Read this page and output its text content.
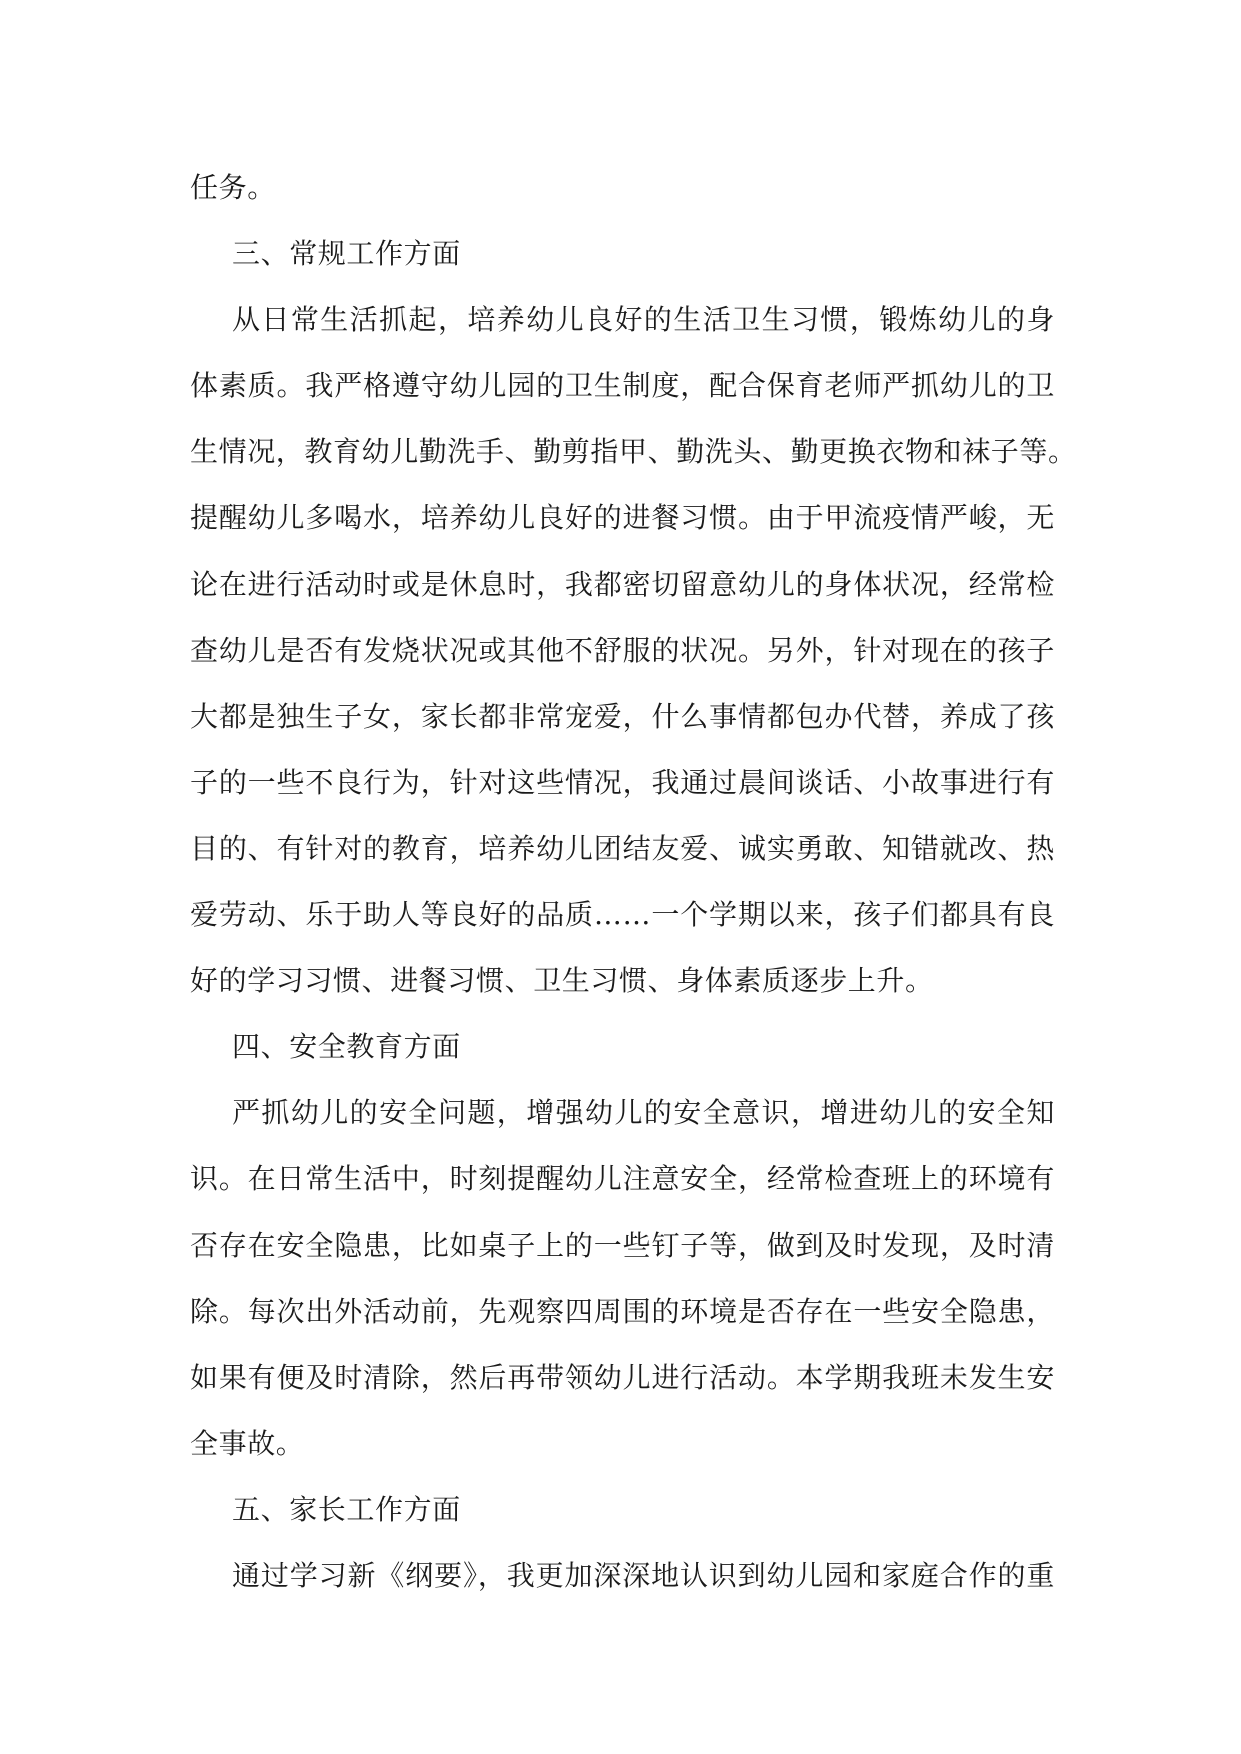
任务。
三、常规工作方面
从日常生活抓起，培养幼儿良好的生活卫生习惯，锻炼幼儿的身
体素质。我严格遵守幼儿园的卫生制度，配合保育老师严抓幼儿的卫
生情况，教育幼儿勤洗手、勤剪指甲、勤洗头、勤更换衣物和袜子等。
提醒幼儿多喝水，培养幼儿良好的进餐习惯。由于甲流疫情严峻，无
论在进行活动时或是休息时，我都密切留意幼儿的身体状况，经常检
查幼儿是否有发烧状况或其他不舒服的状况。另外，针对现在的孩子
大都是独生子女，家长都非常宠爱，什么事情都包办代替，养成了孩
子的一些不良行为，针对这些情况，我通过晨间谈话、小故事进行有
目的、有针对的教育，培养幼儿团结友爱、诚实勇敢、知错就改、热
爱劳动、乐于助人等良好的品质……一个学期以来，孩子们都具有良
好的学习习惯、进餐习惯、卫生习惯、身体素质逐步上升。
四、安全教育方面
严抓幼儿的安全问题，增强幼儿的安全意识，增进幼儿的安全知
识。在日常生活中，时刻提醒幼儿注意安全，经常检查班上的环境有
否存在安全隐患，比如桌子上的一些钉子等，做到及时发现，及时清
除。每次出外活动前，先观察四周围的环境是否存在一些安全隐患，
如果有便及时清除，然后再带领幼儿进行活动。本学期我班未发生安
全事故。
五、家长工作方面
通过学习新《纲要》，我更加深深地认识到幼儿园和家庭合作的重
